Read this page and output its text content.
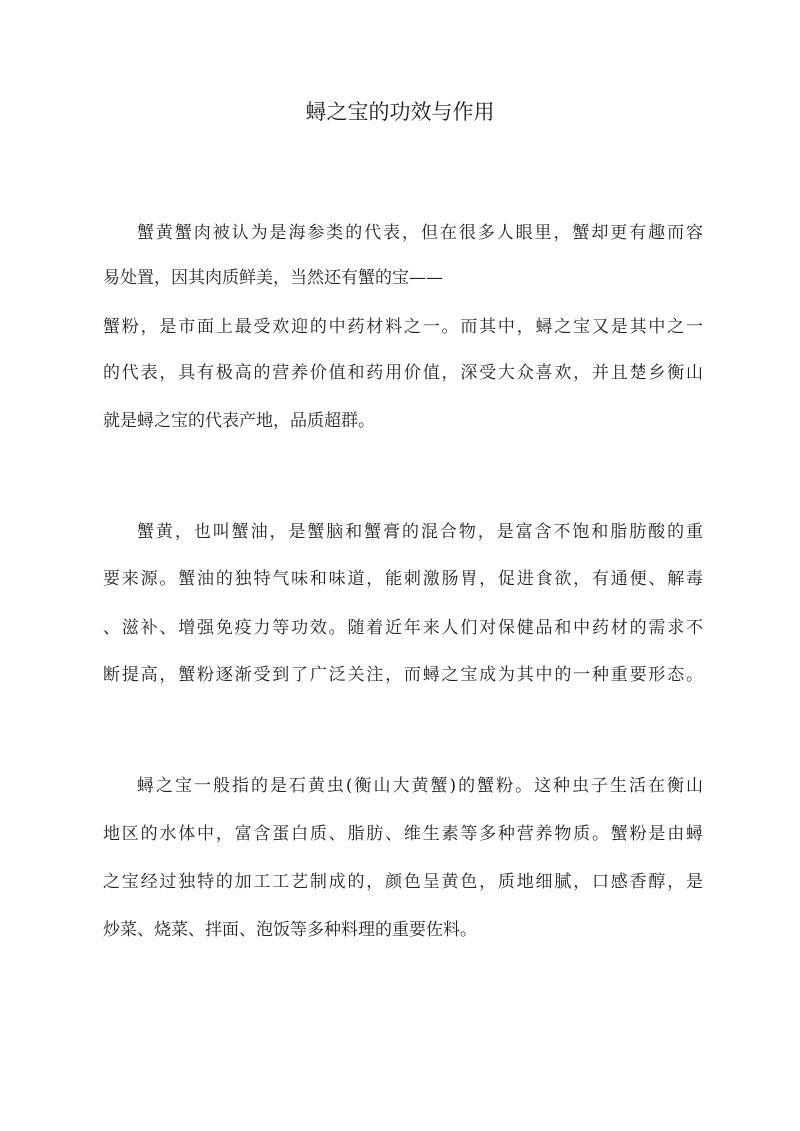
蟳之宝的功效与作用
蟹黄蟹肉被认为是海参类的代表，但在很多人眼里，蟹却更有趣而容
易处置，因其肉质鲜美，当然还有蟹的宝——
蟹粉，是市面上最受欢迎的中药材料之一。而其中，蟳之宝又是其中之一
的代表，具有极高的营养价值和药用价值，深受大众喜欢，并且楚乡衡山
就是蟳之宝的代表产地，品质超群。
蟹黄，也叫蟹油，是蟹脑和蟹膏的混合物，是富含不饱和脂肪酸的重
要来源。蟹油的独特气味和味道，能刺激肠胃，促进食欲，有通便、解毒
、滋补、增强免疫力等功效。随着近年来人们对保健品和中药材的需求不
断提高，蟹粉逐渐受到了广泛关注，而蟳之宝成为其中的一种重要形态。
蟳之宝一般指的是石黄虫(衡山大黄蟹)的蟹粉。这种虫子生活在衡山
地区的水体中，富含蛋白质、脂肪、维生素等多种营养物质。蟹粉是由蟳
之宝经过独特的加工工艺制成的，颜色呈黄色，质地细腻，口感香醇，是
炒菜、烧菜、拌面、泡饭等多种料理的重要佐料。
